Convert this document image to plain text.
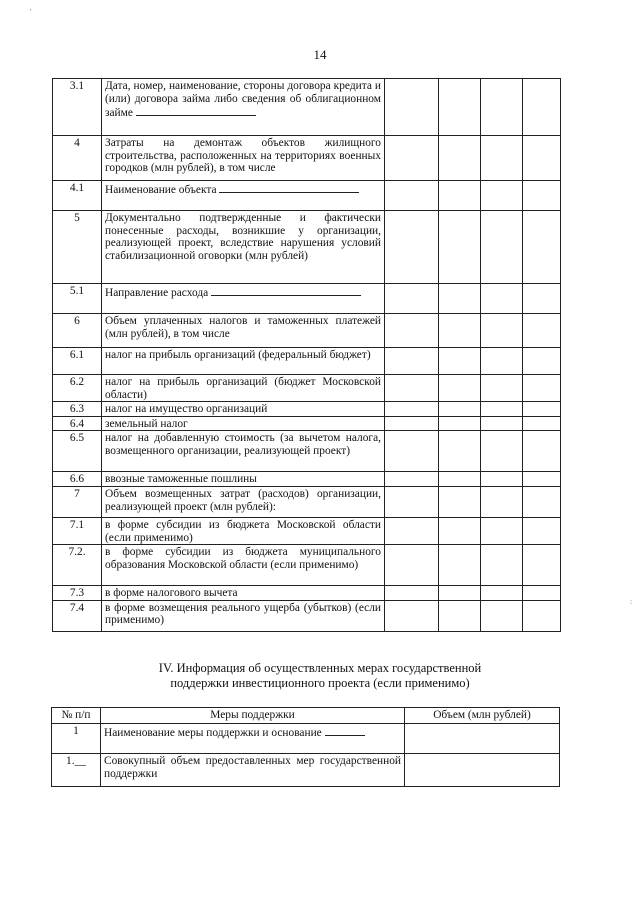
'
:
14
3.1	Дата, номер, наименование, стороны договора кредита и (или) договора займа либо сведения об облигационном займе				
4	Затраты на демонтаж объектов жилищного строительства, расположенных на территориях военных городков (млн рублей), в том числе				
4.1	Наименование объекта				
5	Документально подтвержденные и фактически понесенные расходы, возникшие у организации, реализующей проект, вследствие нарушения условий стабилизационной оговорки (млн рублей)				
5.1	Направление расхода				
6	Объем уплаченных налогов и таможенных платежей (млн рублей), в том числе				
6.1	налог на прибыль организаций (федеральный бюджет)				
6.2	налог на прибыль организаций (бюджет Московской области)				
6.3	налог на имущество организаций				
6.4	земельный налог				
6.5	налог на добавленную стоимость (за вычетом налога, возмещенного организации, реализующей проект)				
6.6	ввозные таможенные пошлины				
7	Объем возмещенных затрат (расходов) организации, реализующей проект (млн рублей):				
7.1	в форме субсидии из бюджета Московской области (если применимо)				
7.2.	в форме субсидии из бюджета муниципального образования Московской области (если применимо)				
7.3	в форме налогового вычета				
7.4	в форме возмещения реального ущерба (убытков) (если применимо)				
IV. Информация об осуществленных мерах государственной
поддержки инвестиционного проекта (если применимо)
№ п/п	Меры поддержки	Объем (млн рублей)
1	Наименование меры поддержки и основание	
1.__	Совокупный объем предоставленных мер государственной поддержки	
